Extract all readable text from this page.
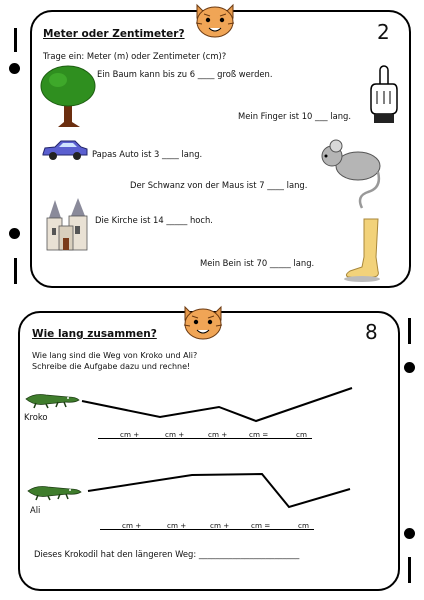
Meter oder Zentimeter?	2
Trage ein: Meter (m) oder Zentimeter (cm)?
Ein Baum kann bis zu 6 ____ groß werden.
Mein Finger ist 10 ___ lang.
Papas Auto ist 3 ____ lang.
Der Schwanz von der Maus ist 7 ____ lang.
Die Kirche ist 14 _____ hoch.
Mein Bein ist 70 _____ lang.
Wie lang zusammen?	8
Wie lang sind die Weg von Kroko und Ali?
Schreibe die Aufgabe dazu und rechne!
Kroko
cm +	cm +	cm +	cm =	cm
Ali
cm +	cm +	cm +	cm =	cm
Dieses Krokodil hat den längeren Weg: ________________________
